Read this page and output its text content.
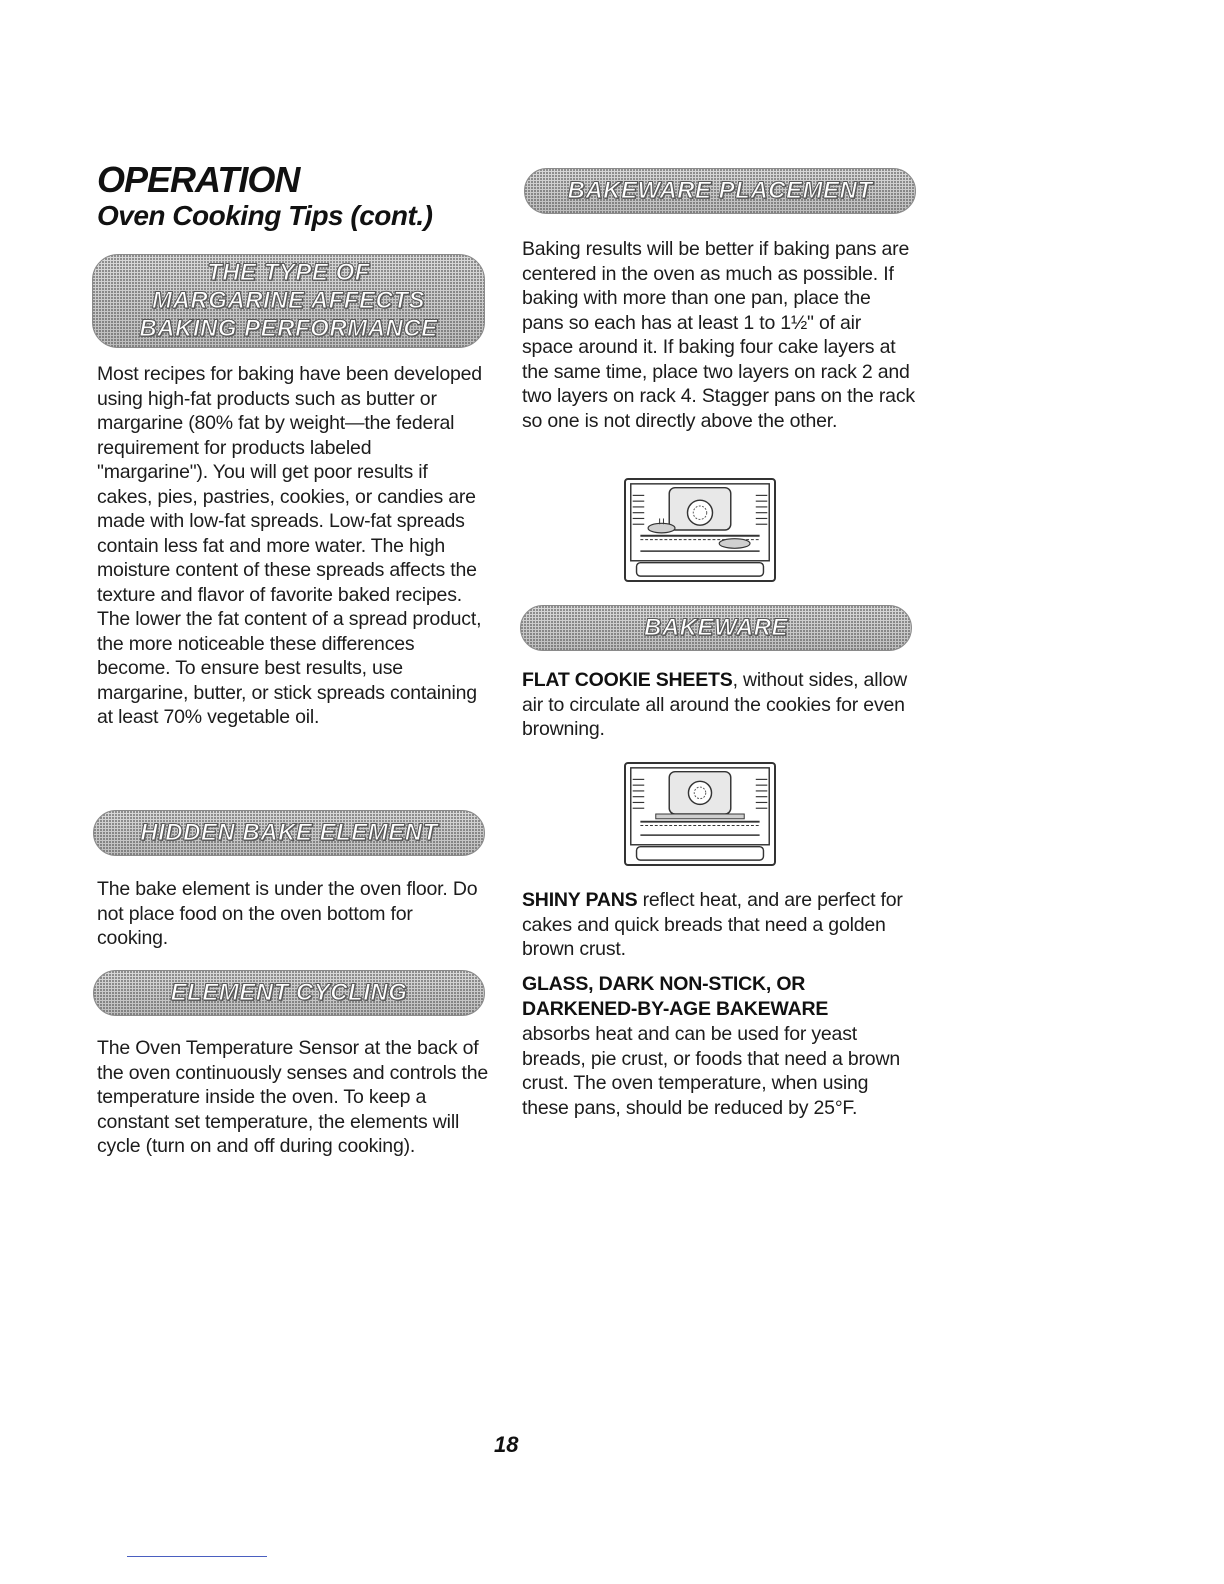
OPERATION
Oven Cooking Tips (cont.)
THE TYPE OF
MARGARINE AFFECTS
BAKING PERFORMANCE

Most recipes for baking have been developed using high-fat products such as butter or margarine (80% fat by weight—the federal requirement for products labeled "margarine"). You will get poor results if cakes, pies, pastries, cookies, or candies are made with low-fat spreads. Low-fat spreads contain less fat and more water. The high moisture content of these spreads affects the texture and flavor of favorite baked recipes. The lower the fat content of a spread product, the more noticeable these differences become. To ensure best results, use margarine, butter, or stick spreads containing at least 70% vegetable oil.

HIDDEN BAKE ELEMENT

The bake element is under the oven floor. Do not place food on the oven bottom for cooking.

ELEMENT CYCLING

The Oven Temperature Sensor at the back of the oven continuously senses and controls the temperature inside the oven. To keep a constant set temperature, the elements will cycle (turn on and off during cooking).

BAKEWARE PLACEMENT

Baking results will be better if baking pans are centered in the oven as much as possible. If baking with more than one pan, place the pans so each has at least 1 to 1½" of air space around it. If baking four cake layers at the same time, place two layers on rack 2 and two layers on rack 4. Stagger pans on the rack so one is not directly above the other.

BAKEWARE

FLAT COOKIE SHEETS, without sides, allow air to circulate all around the cookies for even browning.

SHINY PANS reflect heat, and are perfect for cakes and quick breads that need a golden brown crust.

GLASS, DARK NON-STICK, OR DARKENED-BY-AGE BAKEWARE

absorbs heat and can be used for yeast breads, pie crust, or foods that need a brown crust. The oven temperature, when using these pans, should be reduced by 25°F.

18
